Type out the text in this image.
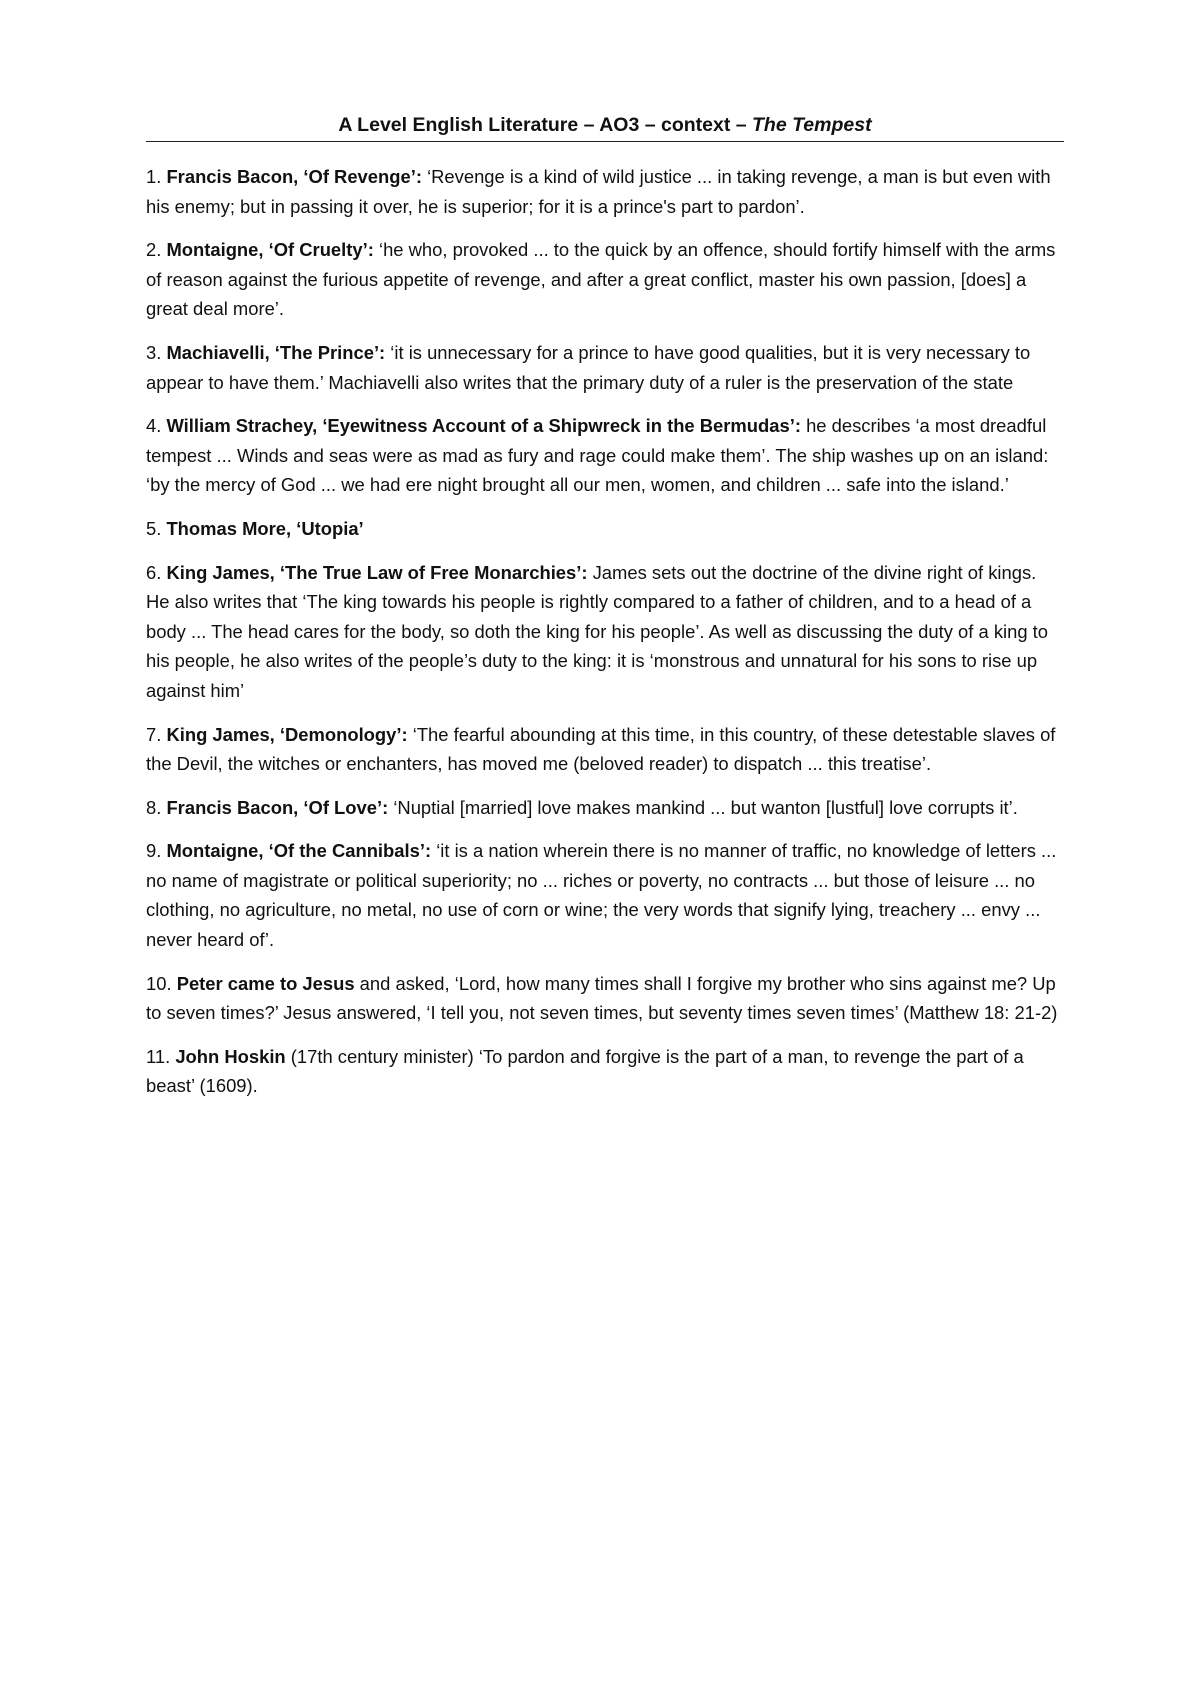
A Level English Literature – AO3 – context – The Tempest

1. Francis Bacon, ‘Of Revenge’: ‘Revenge is a kind of wild justice ... in taking revenge, a man is but even with his enemy; but in passing it over, he is superior; for it is a prince's part to pardon’.

2. Montaigne, ‘Of Cruelty’: ‘he who, provoked ... to the quick by an offence, should fortify himself with the arms of reason against the furious appetite of revenge, and after a great conflict, master his own passion, [does] a great deal more’.

3. Machiavelli, ‘The Prince’: ‘it is unnecessary for a prince to have good qualities, but it is very necessary to appear to have them.’ Machiavelli also writes that the primary duty of a ruler is the preservation of the state

4. William Strachey, ‘Eyewitness Account of a Shipwreck in the Bermudas’: he describes ‘a most dreadful tempest ... Winds and seas were as mad as fury and rage could make them’. The ship washes up on an island: ‘by the mercy of God ... we had ere night brought all our men, women, and children ... safe into the island.’

5. Thomas More, ‘Utopia’

6. King James, ‘The True Law of Free Monarchies’: James sets out the doctrine of the divine right of kings. He also writes that ‘The king towards his people is rightly compared to a father of children, and to a head of a body ... The head cares for the body, so doth the king for his people’. As well as discussing the duty of a king to his people, he also writes of the people’s duty to the king: it is ‘monstrous and unnatural for his sons to rise up against him’

7. King James, ‘Demonology’: ‘The fearful abounding at this time, in this country, of these detestable slaves of the Devil, the witches or enchanters, has moved me (beloved reader) to dispatch ... this treatise’.

8. Francis Bacon, ‘Of Love’: ‘Nuptial [married] love makes mankind ... but wanton [lustful] love corrupts it’.

9. Montaigne, ‘Of the Cannibals’: ‘it is a nation wherein there is no manner of traffic, no knowledge of letters ... no name of magistrate or political superiority; no ... riches or poverty, no contracts ... but those of leisure ... no clothing, no agriculture, no metal, no use of corn or wine; the very words that signify lying, treachery ... envy ... never heard of’.

10. Peter came to Jesus and asked, ‘Lord, how many times shall I forgive my brother who sins against me? Up to seven times?’ Jesus answered, ‘I tell you, not seven times, but seventy times seven times’ (Matthew 18: 21-2)

11. John Hoskin (17th century minister) ‘To pardon and forgive is the part of a man, to revenge the part of a beast’ (1609).
